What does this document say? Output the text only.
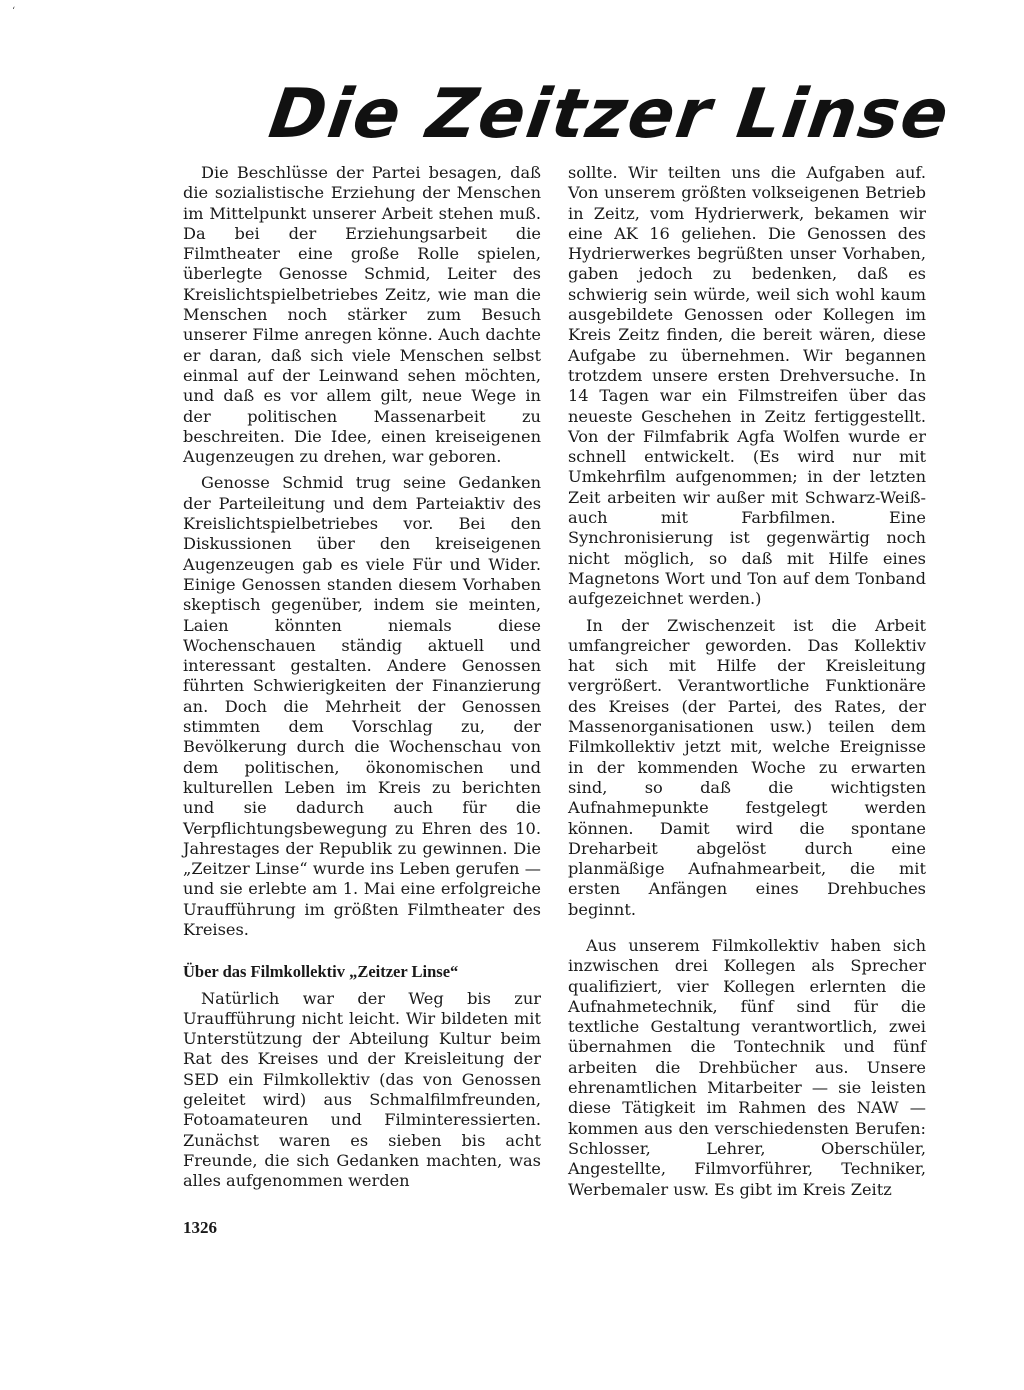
ʻ
Die Zeitzer Linse

Die Beschlüsse der Partei besagen, daß die sozialistische Erziehung der Menschen im Mittelpunkt unserer Arbeit stehen muß. Da bei der Erziehungsarbeit die Filmtheater eine große Rolle spielen, überlegte Genosse Schmid, Leiter des Kreislichtspielbetriebes Zeitz, wie man die Menschen noch stärker zum Besuch unserer Filme anregen könne. Auch dachte er daran, daß sich viele Menschen selbst einmal auf der Leinwand sehen möchten, und daß es vor allem gilt, neue Wege in der politischen Massenarbeit zu beschreiten. Die Idee, einen kreiseigenen Augenzeugen zu drehen, war geboren.

Genosse Schmid trug seine Gedanken der Parteileitung und dem Parteiaktiv des Kreislichtspielbetriebes vor. Bei den Diskussionen über den kreiseigenen Augenzeugen gab es viele Für und Wider. Einige Genossen standen diesem Vorhaben skeptisch gegenüber, indem sie meinten, Laien könnten niemals diese Wochenschauen ständig aktuell und interessant gestalten. Andere Genossen führten Schwierigkeiten der Finanzierung an. Doch die Mehrheit der Genossen stimmten dem Vorschlag zu, der Bevölkerung durch die Wochenschau von dem politischen, ökonomischen und kulturellen Leben im Kreis zu berichten und sie dadurch auch für die Verpflichtungsbewegung zu Ehren des 10. Jahrestages der Republik zu gewinnen. Die „Zeitzer Linse“ wurde ins Leben gerufen — und sie erlebte am 1. Mai eine erfolgreiche Uraufführung im größten Filmtheater des Kreises.

Über das Filmkollektiv „Zeitzer Linse“

Natürlich war der Weg bis zur Uraufführung nicht leicht. Wir bildeten mit Unterstützung der Abteilung Kultur beim Rat des Kreises und der Kreisleitung der SED ein Filmkollektiv (das von Genossen geleitet wird) aus Schmalfilmfreunden, Fotoamateuren und Filminteressierten. Zunächst waren es sieben bis acht Freunde, die sich Gedanken machten, was alles aufgenommen werden

sollte. Wir teilten uns die Aufgaben auf. Von unserem größten volkseigenen Betrieb in Zeitz, vom Hydrierwerk, bekamen wir eine AK 16 geliehen. Die Genossen des Hydrierwerkes begrüßten unser Vorhaben, gaben jedoch zu bedenken, daß es schwierig sein würde, weil sich wohl kaum ausgebildete Genossen oder Kollegen im Kreis Zeitz finden, die bereit wären, diese Aufgabe zu übernehmen. Wir begannen trotzdem unsere ersten Drehversuche. In 14 Tagen war ein Filmstreifen über das neueste Geschehen in Zeitz fertiggestellt. Von der Filmfabrik Agfa Wolfen wurde er schnell entwickelt. (Es wird nur mit Umkehrfilm aufgenommen; in der letzten Zeit arbeiten wir außer mit Schwarz-Weiß- auch mit Farbfilmen. Eine Synchronisierung ist gegenwärtig noch nicht möglich, so daß mit Hilfe eines Magnetons Wort und Ton auf dem Tonband aufgezeichnet werden.)

In der Zwischenzeit ist die Arbeit umfangreicher geworden. Das Kollektiv hat sich mit Hilfe der Kreisleitung vergrößert. Verantwortliche Funktionäre des Kreises (der Partei, des Rates, der Massenorganisationen usw.) teilen dem Filmkollektiv jetzt mit, welche Ereignisse in der kommenden Woche zu erwarten sind, so daß die wichtigsten Aufnahmepunkte festgelegt werden können. Damit wird die spontane Dreharbeit abgelöst durch eine planmäßige Aufnahmearbeit, die mit ersten Anfängen eines Drehbuches beginnt.

Aus unserem Filmkollektiv haben sich inzwischen drei Kollegen als Sprecher qualifiziert, vier Kollegen erlernten die Aufnahmetechnik, fünf sind für die textliche Gestaltung verantwortlich, zwei übernahmen die Tontechnik und fünf arbeiten die Drehbücher aus. Unsere ehrenamtlichen Mitarbeiter — sie leisten diese Tätigkeit im Rahmen des NAW — kommen aus den verschiedensten Berufen: Schlosser, Lehrer, Oberschüler, Angestellte, Filmvorführer, Techniker, Werbemaler usw. Es gibt im Kreis Zeitz

1326
